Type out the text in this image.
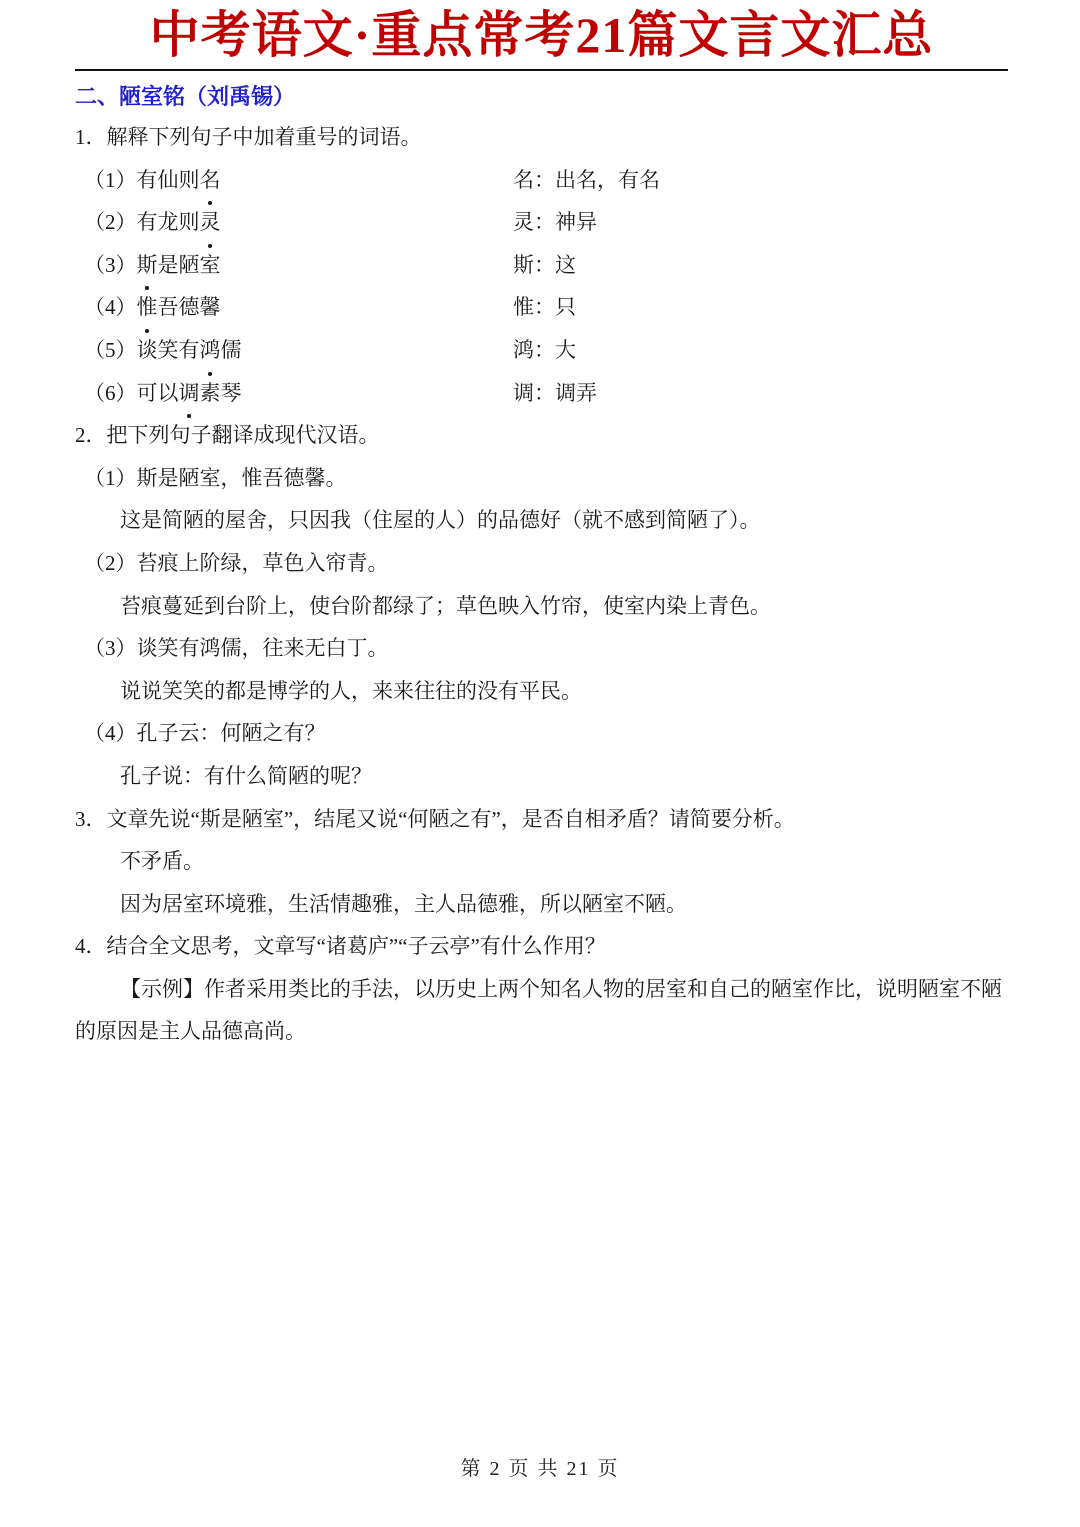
中考语文·重点常考21篇文言文汇总
二、陋室铭（刘禹锡）
1．解释下列句子中加着重号的词语。
（1）有仙则名	名：出名，有名
（2）有龙则灵	灵：神异
（3）斯是陋室	斯：这
（4）惟吾德馨	惟：只
（5）谈笑有鸿儒	鸿：大
（6）可以调素琴	调：调弄
2．把下列句子翻译成现代汉语。
（1）斯是陋室，惟吾德馨。
这是简陋的屋舍，只因我（住屋的人）的品德好（就不感到简陋了）。
（2）苔痕上阶绿，草色入帘青。
苔痕蔓延到台阶上，使台阶都绿了；草色映入竹帘，使室内染上青色。
（3）谈笑有鸿儒，往来无白丁。
说说笑笑的都是博学的人，来来往往的没有平民。
（4）孔子云：何陋之有？
孔子说：有什么简陋的呢？
3．文章先说“斯是陋室”，结尾又说“何陋之有”，是否自相矛盾？请简要分析。
不矛盾。
因为居室环境雅，生活情趣雅，主人品德雅，所以陋室不陋。
4．结合全文思考，文章写“诸葛庐”“子云亭”有什么作用？
【示例】作者采用类比的手法，以历史上两个知名人物的居室和自己的陋室作比，说明陋室不陋的原因是主人品德高尚。
第 2 页 共 21 页
